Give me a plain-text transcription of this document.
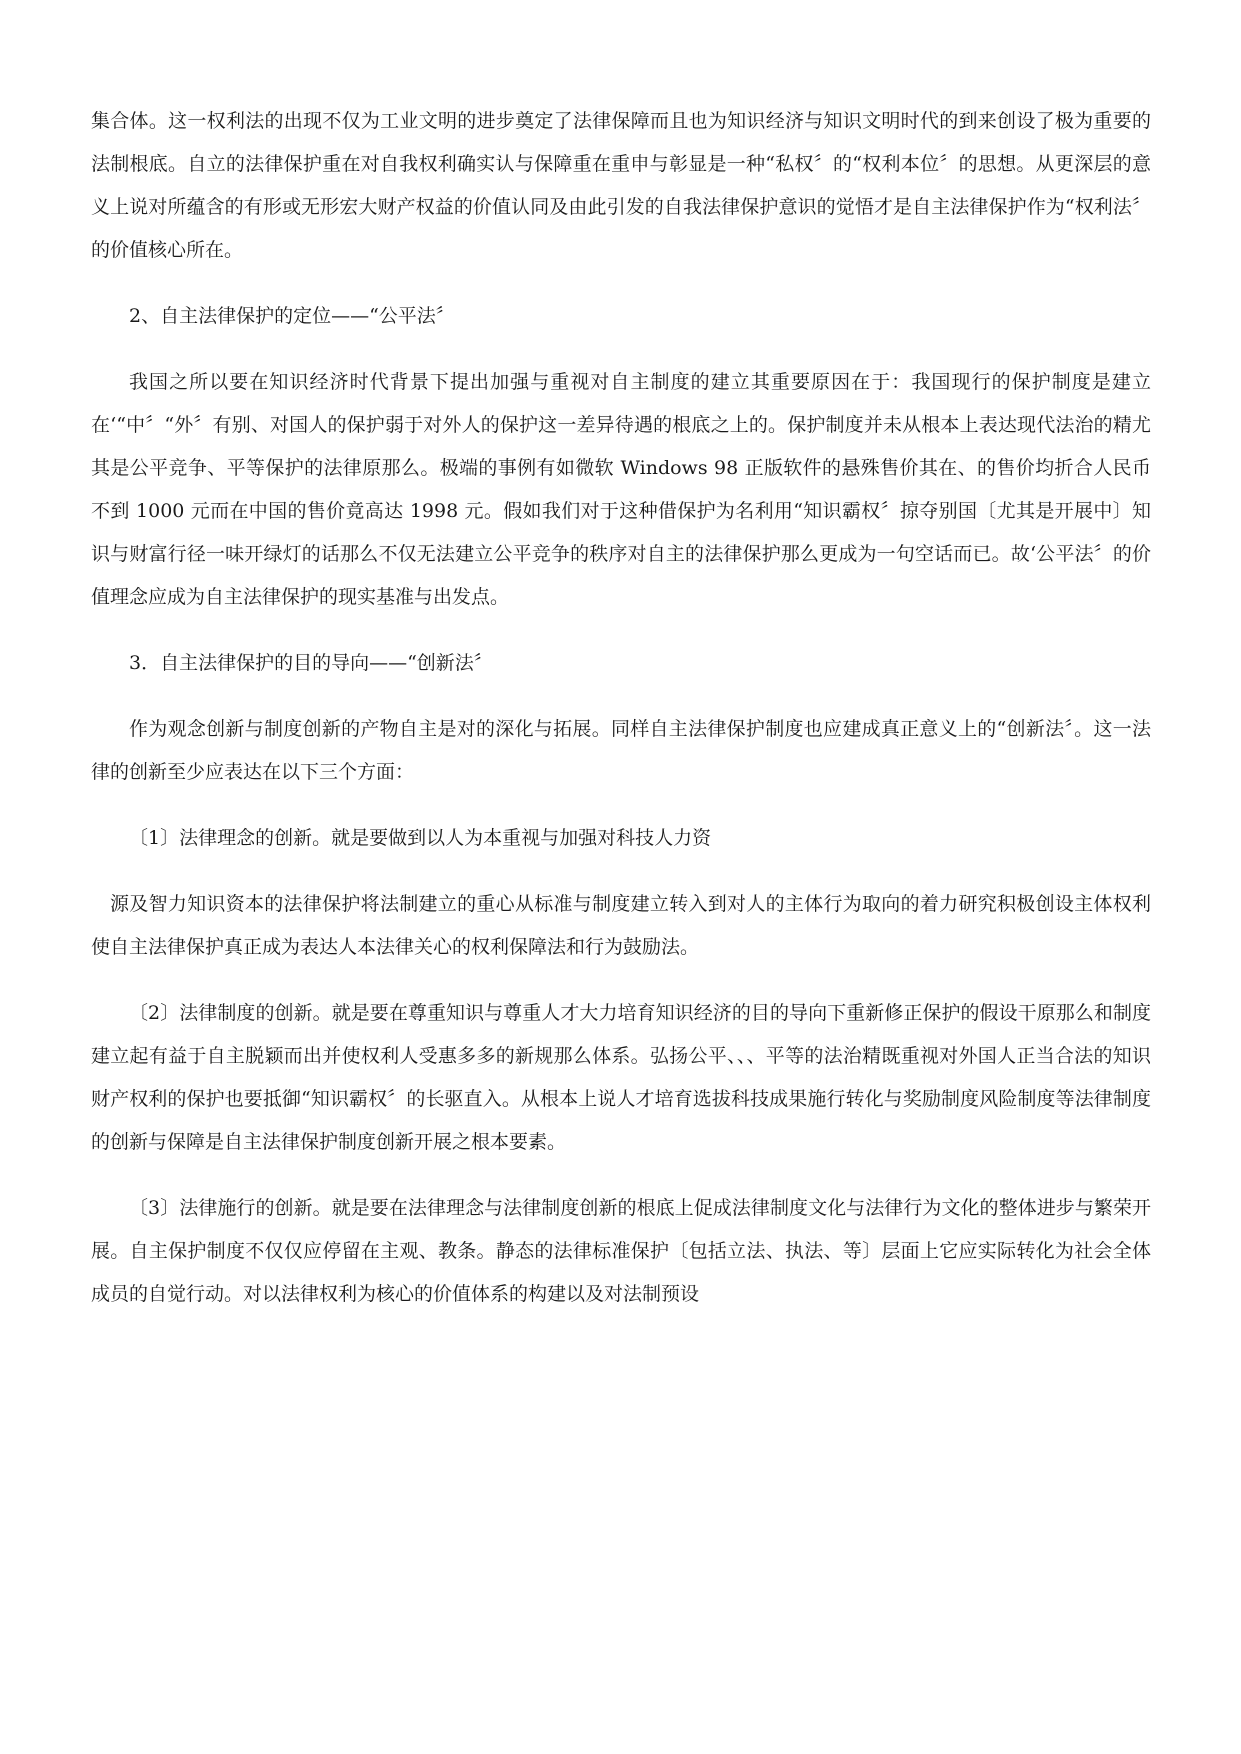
集合体。这一权利法的出现不仅为工业文明的进步奠定了法律保障而且也为知识经济与知识文明时代的到来创设了极为重要的法制根底。自立的法律保护重在对自我权利确实认与保障重在重申与彰显是一种“私权〞的“权利本位〞的思想。从更深层的意义上说对所蕴含的有形或无形宏大财产权益的价值认同及由此引发的自我法律保护意识的觉悟才是自主法律保护作为“权利法〞的价值核心所在。

2、自主法律保护的定位——“公平法〞

我国之所以要在知识经济时代背景下提出加强与重视对自主制度的建立其重要原因在于：我国现行的保护制度是建立在‘“中〞“外〞有别、对国人的保护弱于对外人的保护这一差异待遇的根底之上的。保护制度并未从根本上表达现代法治的精尤其是公平竞争、平等保护的法律原那么。极端的事例有如微软 Windows 98 正版软件的悬殊售价其在、的售价均折合人民币不到 1000 元而在中国的售价竟高达 1998 元。假如我们对于这种借保护为名利用“知识霸权〞掠夺别国〔尤其是开展中〕知识与财富行径一味开绿灯的话那么不仅无法建立公平竞争的秩序对自主的法律保护那么更成为一句空话而已。故‘公平法〞的价值理念应成为自主法律保护的现实基准与出发点。

3．自主法律保护的目的导向——“创新法〞

作为观念创新与制度创新的产物自主是对的深化与拓展。同样自主法律保护制度也应建成真正意义上的“创新法〞。这一法律的创新至少应表达在以下三个方面：

〔1〕法律理念的创新。就是要做到以人为本重视与加强对科技人力资

源及智力知识资本的法律保护将法制建立的重心从标准与制度建立转入到对人的主体行为取向的着力研究积极创设主体权利使自主法律保护真正成为表达人本法律关心的权利保障法和行为鼓励法。

〔2〕法律制度的创新。就是要在尊重知识与尊重人才大力培育知识经济的目的导向下重新修正保护的假设干原那么和制度建立起有益于自主脱颖而出并使权利人受惠多多的新规那么体系。弘扬公平、、、平等的法治精既重视对外国人正当合法的知识财产权利的保护也要抵御“知识霸权〞的长驱直入。从根本上说人才培育选拔科技成果施行转化与奖励制度风险制度等法律制度的创新与保障是自主法律保护制度创新开展之根本要素。

〔3〕法律施行的创新。就是要在法律理念与法律制度创新的根底上促成法律制度文化与法律行为文化的整体进步与繁荣开展。自主保护制度不仅仅应停留在主观、教条。静态的法律标准保护〔包括立法、执法、等〕层面上它应实际转化为社会全体成员的自觉行动。对以法律权利为核心的价值体系的构建以及对法制预设
